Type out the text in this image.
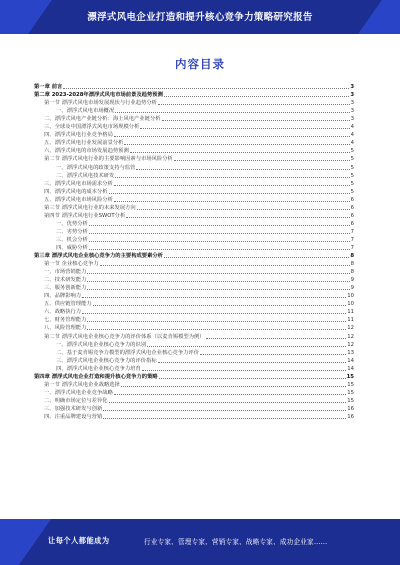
漂浮式风电企业打造和提升核心竞争力策略研究报告
内容目录
第一章 前言	3
第二章 2023-2028年漂浮式风电市场前景及趋势预测	3
第一节 漂浮式风电市场发展现状与行业趋势分析	3
一、漂浮式风电市场概况	3
二、漂浮式风电产业链分析：海上风电产业链分析	3
三、全球及中国漂浮式风电市场规模分析	4
四、漂浮式风电行业竞争格局	4
五、漂浮式风电行业发展前景分析	4
六、漂浮式风电的市场发展趋势预测	5
第二节 漂浮式风电行业的主要影响因素与市场风险分析	5
一、漂浮式风电的政策支持与监管	5
二、漂浮式风电技术研发	5
三、漂浮式风电市场需求分析	5
四、漂浮式风电的成本分析	5
五、漂浮式风电市场风险分析	6
第三节 漂浮式风电行业的未来发展方向	6
第四节 漂浮式风电行业SWOT分析	6
一、优势分析	6
二、劣势分析	7
三、机会分析	7
四、威胁分析	7
第三章 漂浮式风电企业核心竞争力的主要构成要素分析	8
第一节 企业核心竞争力	8
一、市场营销能力	8
二、技术研发能力	9
三、服务创新能力	9
四、品牌影响力	10
五、供应链管理能力	10
六、战略执行力	11
七、财务管理能力	11
八、风险管理能力	12
第二节 漂浮式风电企业核心竞争力的评价体系（以麦肯锡模型为例）	12
一、漂浮式风电企业核心竞争力的识别	12
二、基于麦肯锡竞争力模型的漂浮式风电企业核心竞争力评价	13
三、漂浮式风电企业核心竞争力的评价指标	14
四、漂浮式风电企业核心竞争力培育	14
第四章 漂浮式风电企业打造和提升核心竞争力的策略	15
第一节 漂浮式风电企业战略选择	15
一、漂浮式风电企业竞争战略	15
二、明确市场定位与差异化	15
三、加强技术研发与创新	16
四、注重品牌建设与营销	16
让每个人都能成为	行业专家、管理专家、营销专家、战略专家、成功企业家……
